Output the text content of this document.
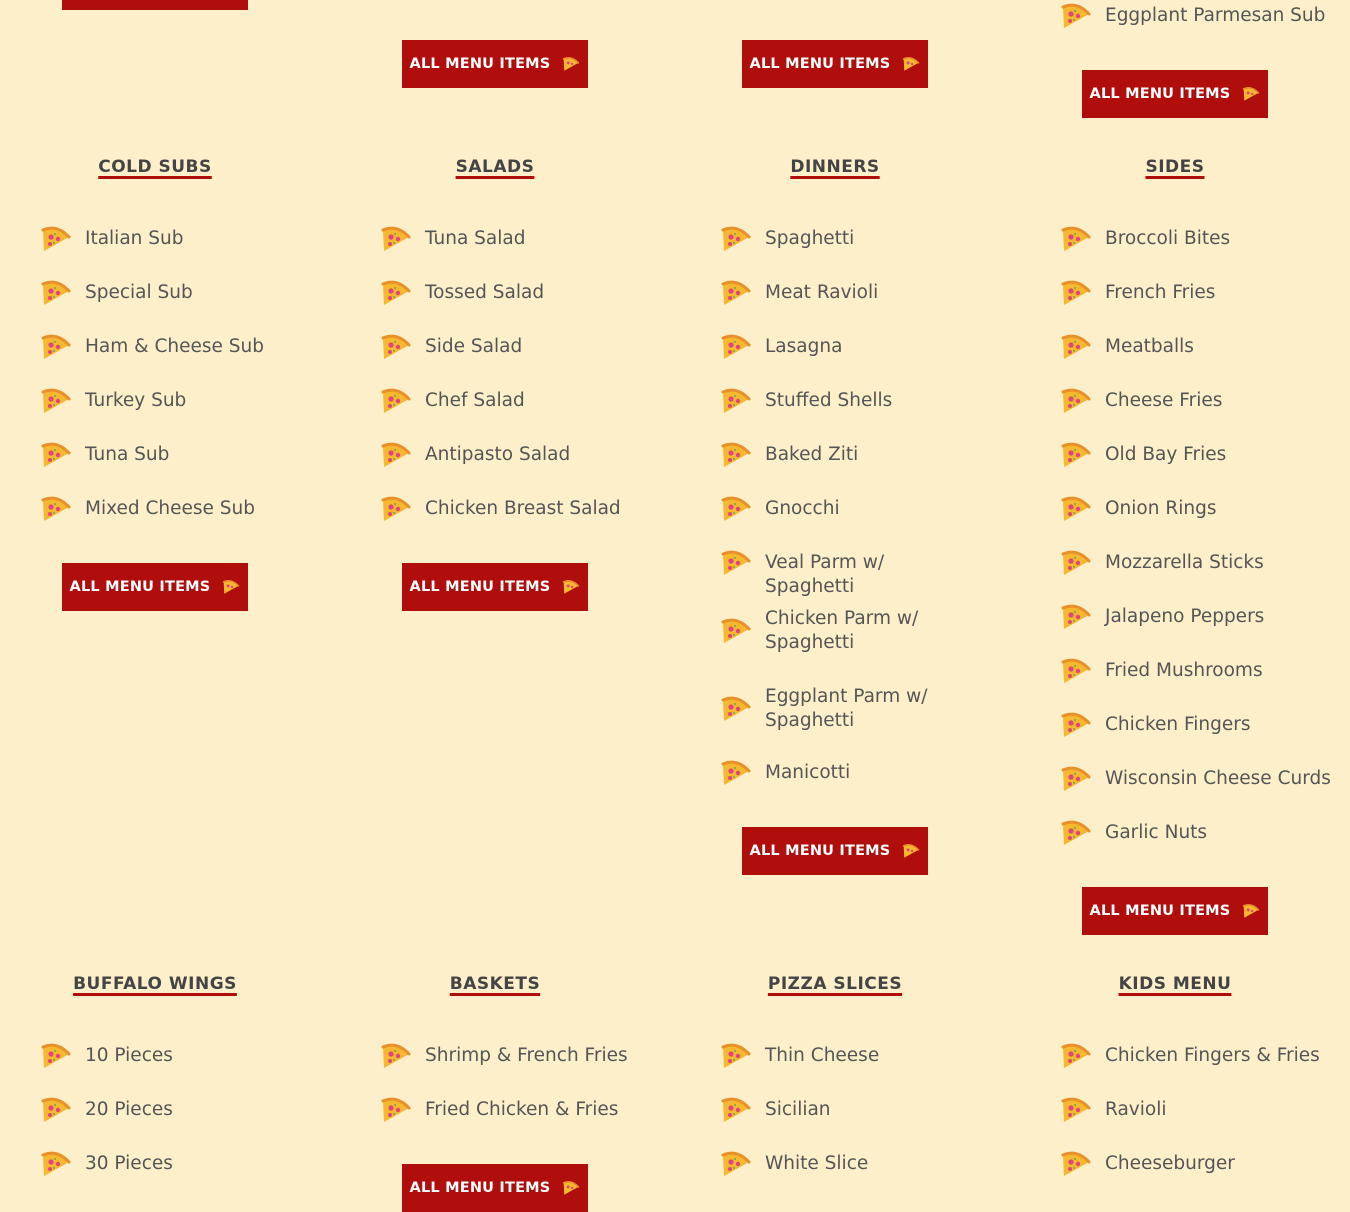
Eggplant Parmesan Sub
ALL MENU ITEMS	ALL MENU ITEMS
ALL MENU ITEMS
COLD SUBS
Italian Sub
Special Sub
Ham & Cheese Sub
Turkey Sub
Tuna Sub
Mixed Cheese Sub
SALADS
Tuna Salad
Tossed Salad
Side Salad
Chef Salad
Antipasto Salad
Chicken Breast Salad
DINNERS
Spaghetti
Meat Ravioli
Lasagna
Stuffed Shells
Baked Ziti
Gnocchi
Veal Parm w/ Spaghetti
Chicken Parm w/ Spaghetti
Eggplant Parm w/ Spaghetti
Manicotti
SIDES
Broccoli Bites
French Fries
Meatballs
Cheese Fries
Old Bay Fries
Onion Rings
Mozzarella Sticks
Jalapeno Peppers
Fried Mushrooms
Chicken Fingers
Wisconsin Cheese Curds
Garlic Nuts
ALL MENU ITEMS	ALL MENU ITEMS
ALL MENU ITEMS
ALL MENU ITEMS
BUFFALO WINGS
10 Pieces
20 Pieces
30 Pieces
BASKETS
Shrimp & French Fries
Fried Chicken & Fries
PIZZA SLICES
Thin Cheese
Sicilian
White Slice
KIDS MENU
Chicken Fingers & Fries
Ravioli
Cheeseburger
ALL MENU ITEMS
